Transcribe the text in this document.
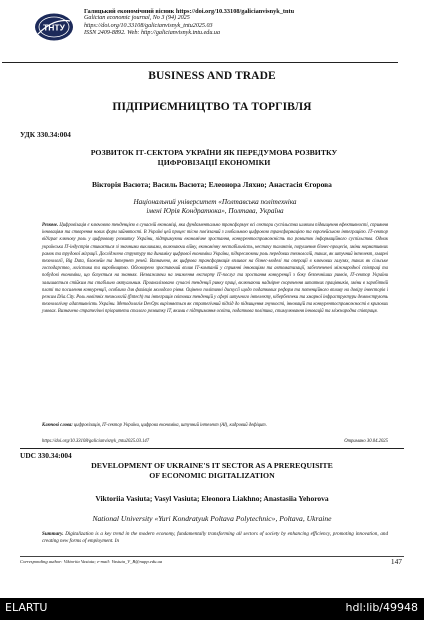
ТНТУ
Галицький економічний вісник https://doi.org/10.33108/galicianvisnyk_tntu
Galician economic journal, No 3 (94) 2025
https://doi.org/10.33108/galicianvisnyk_tntu2025.03
ISSN 2409-8892. Web: http://galicianvisnyk.tntu.edu.ua
BUSINESS AND TRADE
ПІДПРИЄМНИЦТВО ТА ТОРГІВЛЯ
УДК 330.34:004
РОЗВИТОК ІТ-СЕКТОРА УКРАЇНИ ЯК ПЕРЕДУМОВА РОЗВИТКУ
ЦИФРОВІЗАЦІЇ ЕКОНОМІКИ
Вікторія Васюта; Василь Васюта; Елеонора Ляхно; Анастасія Єгорова
Національний університет «Полтавська політехніка
імені Юрія Кондратюка», Полтава, Україна

Резюме. Цифровізація є ключовою тенденцією в сучасній економіці, яка фундаментально трансформує всі сектори суспільства шляхом підвищення ефективності, сприяння інноваціям та створення нових форм зайнятості. В Україні цей процес тісно пов'язаний з глобальною цифровою трансформацією та європейською інтеграцією. ІТ-сектор відіграє ключову роль у цифровому розвитку України, підтримуючи економічне зростання, конкурентоспроможність та розвиток інформаційного суспільства. Однак українська ІТ-індустрія стикається зі значними викликами, включаючи війну, економічну нестабільність, нестачу талантів, порушення бізнес-процесів, зміни нормативних рамок та трудової міграції. Досліджено структуру та динаміку цифрової економіки України, підкреслюючи роль передових технологій, таких, як штучний інтелект, хмарні технології, Big Data, блокчейн та Інтернет речей. Визначено, як цифрова трансформація впливає на бізнес-моделі та операції в ключових галузях, таких як сільське господарство, логістика та виробництво. Обговорено зростаючий вплив ІТ-компаній у сприянні інноваціям та автоматизації, забезпеченні міжнародної співпраці та побудові економіки, що базується на знаннях. Незважаючи на зниження експорту ІТ-послуг та зростання конкуренції з боку безпечніших ринків, ІТ-сектор України залишається стійким та стабільно актуальним. Проаналізовано сучасні тенденції ринку праці, включаючи надмірне скорочення штатних працівників, зміни в заробітній платі та посилення конкуренції, особливо для фахівців молодого рівня. Оцінено політичні дискусії щодо податкових реформ та потенційного впливу на довіру інвесторів і режим Diia.City. Роль новітніх технологій (fintech) та інтеграція світових тенденцій у сфері штучного інтелекту, кібербезпеки та хмарної інфраструктури демонструють технологічну адаптивність України. Методологія DevOps вирізняється як стратегічний підхід до підвищення гнучкості, інновацій та конкурентоспроможності в кризових умовах. Визначено стратегічні пріоритети сталого розвитку ІТ, якими є підтримання освіти, податкова політика, стимулювання інновацій та міжнародна співпраця.

Ключові слова: цифровізація, ІТ-сектор України, цифрова економіка, штучний інтелект (AI), кадровий дефіцит.

https://doi.org/10.33108/galicianvisnyk_tntu2025.03.147	Отримано 30.04.2025
UDC 330.34:004
DEVELOPMENT OF UKRAINE'S IT SECTOR AS A PREREQUISITE
OF ECONOMIC DIGITALIZATION
Viktoriia Vasiuta; Vasyl Vasiuta; Eleonora Liakhno; Anastasiia Yehorova
National University «Yuri Kondratyuk Poltava Polytechnic», Poltava, Ukraine

Summary. Digitalization is a key trend in the modern economy, fundamentally transforming all sectors of society by enhancing efficiency, promoting innovation, and creating new forms of employment. In

Corresponding author: Viktoriia Vasiuta; e-mail: Vasiuta_V_B@nupp.edu.ua	147
ELARTU	hdl:lib/49948
